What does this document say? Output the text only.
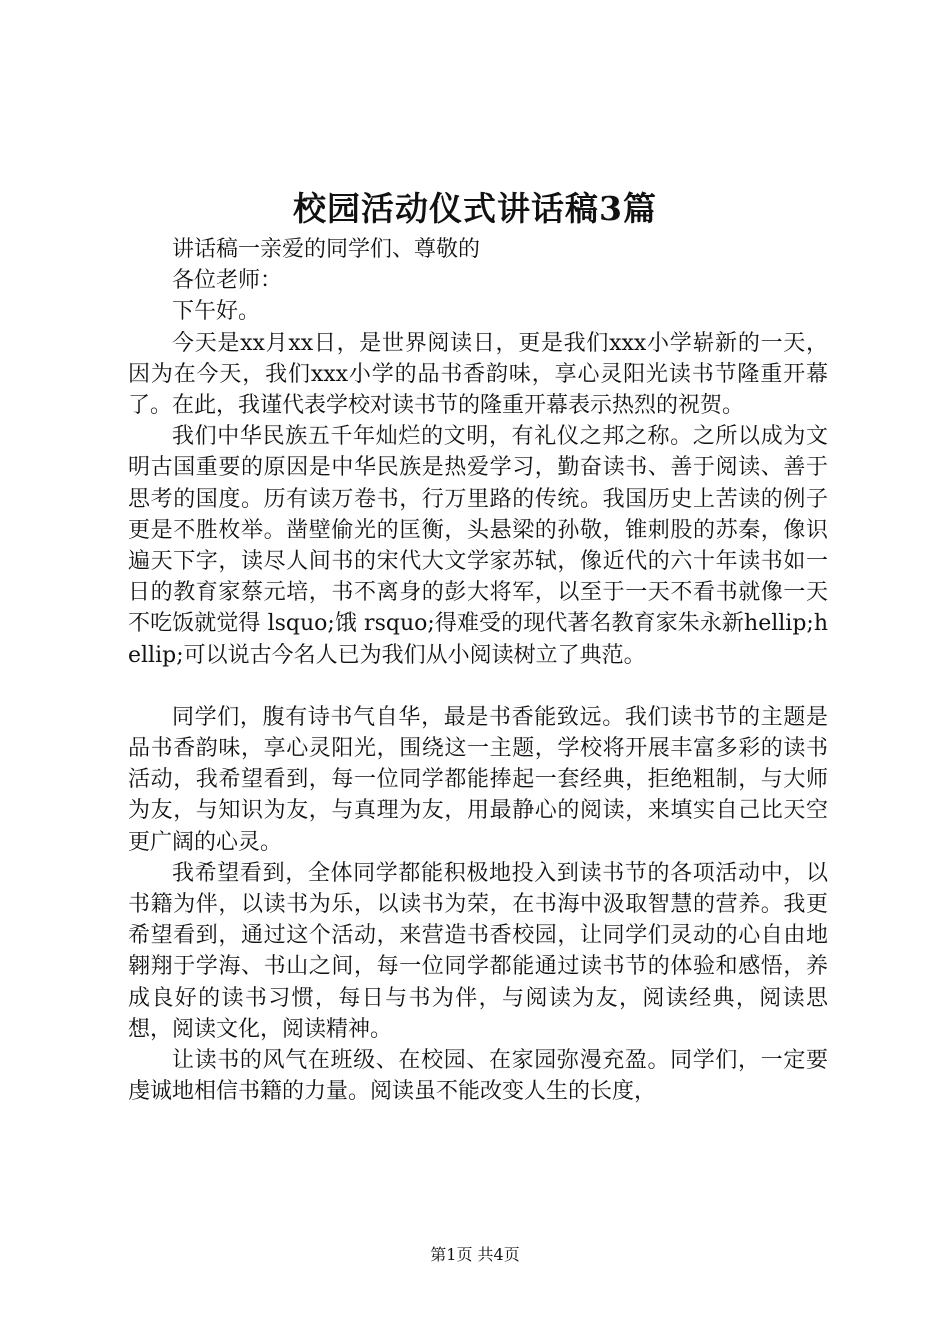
校园活动仪式讲话稿3篇

讲话稿一亲爱的同学们、尊敬的

各位老师：

下午好。

今天是xx月xx日，是世界阅读日，更是我们xxx小学崭新的一天，因为在今天，我们xxx小学的品书香韵味，享心灵阳光读书节隆重开幕了。在此，我谨代表学校对读书节的隆重开幕表示热烈的祝贺。

我们中华民族五千年灿烂的文明，有礼仪之邦之称。之所以成为文明古国重要的原因是中华民族是热爱学习，勤奋读书、善于阅读、善于思考的国度。历有读万卷书，行万里路的传统。我国历史上苦读的例子更是不胜枚举。凿壁偷光的匡衡，头悬梁的孙敬，锥刺股的苏秦，像识遍天下字，读尽人间书的宋代大文学家苏轼，像近代的六十年读书如一日的教育家蔡元培，书不离身的彭大将军，以至于一天不看书就像一天不吃饭就觉得 lsquo;饿 rsquo;得难受的现代著名教育家朱永新hellip;hellip;可以说古今名人已为我们从小阅读树立了典范。

同学们，腹有诗书气自华，最是书香能致远。我们读书节的主题是品书香韵味，享心灵阳光，围绕这一主题，学校将开展丰富多彩的读书活动，我希望看到，每一位同学都能捧起一套经典，拒绝粗制，与大师为友，与知识为友，与真理为友，用最静心的阅读，来填实自己比天空更广阔的心灵。

我希望看到，全体同学都能积极地投入到读书节的各项活动中，以书籍为伴，以读书为乐，以读书为荣，在书海中汲取智慧的营养。我更希望看到，通过这个活动，来营造书香校园，让同学们灵动的心自由地翱翔于学海、书山之间，每一位同学都能通过读书节的体验和感悟，养成良好的读书习惯，每日与书为伴，与阅读为友，阅读经典，阅读思想，阅读文化，阅读精神。

让读书的风气在班级、在校园、在家园弥漫充盈。同学们，一定要虔诚地相信书籍的力量。阅读虽不能改变人生的长度，

第1页 共4页
